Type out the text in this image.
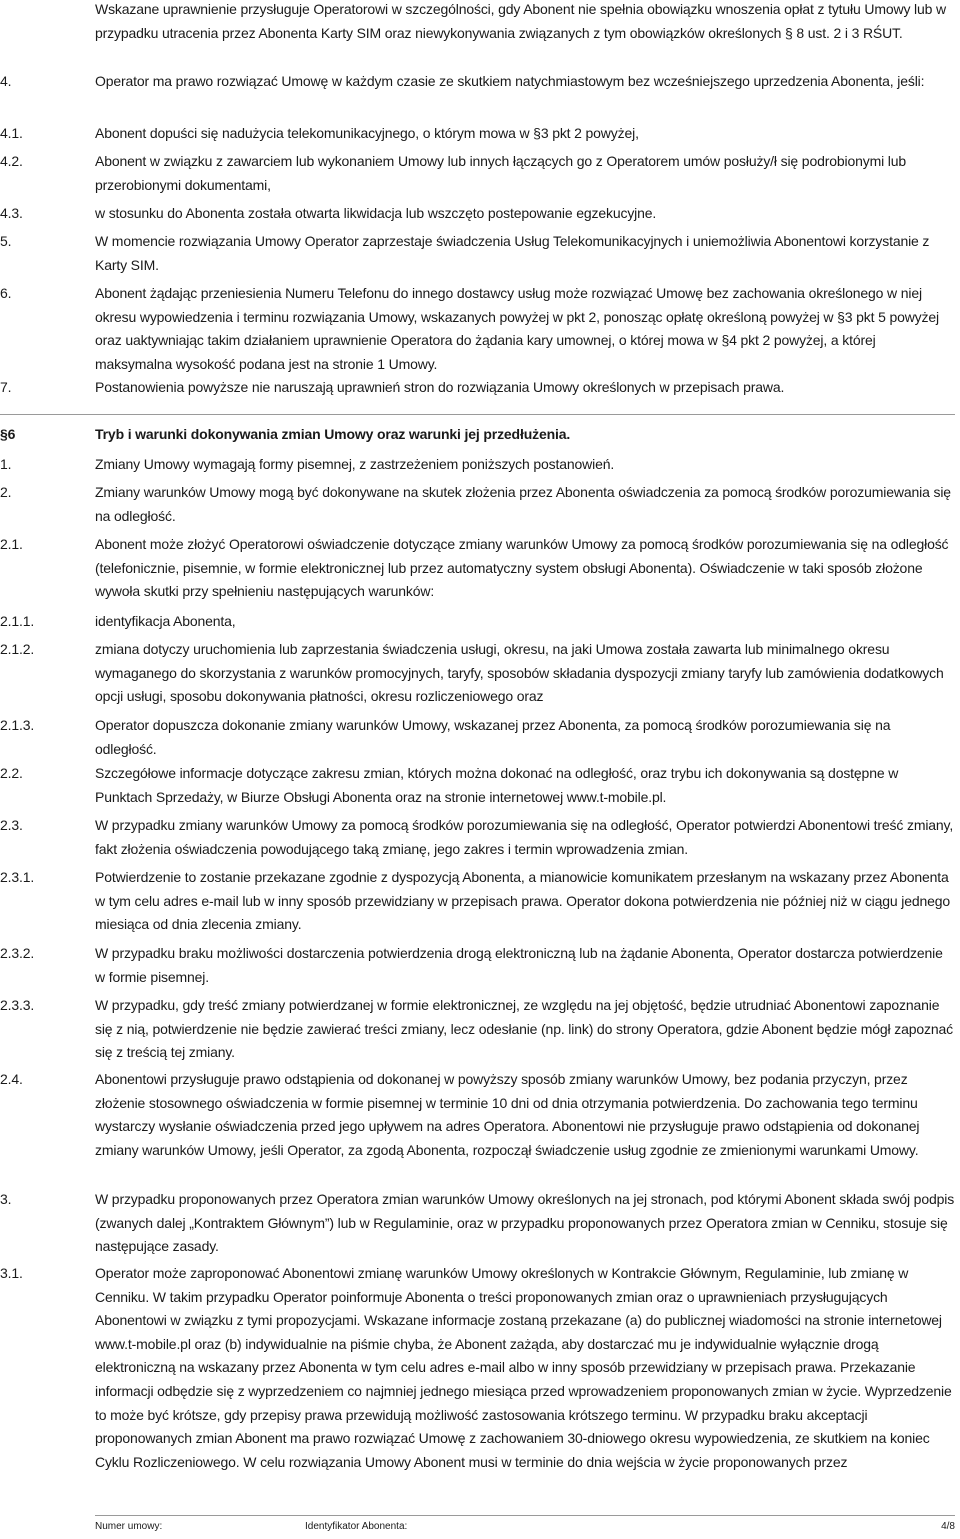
Wskazane uprawnienie przysługuje Operatorowi w szczególności, gdy Abonent nie spełnia obowiązku wnoszenia opłat z tytułu Umowy lub w przypadku utracenia przez Abonenta Karty SIM oraz niewykonywania związanych z tym obowiązków określonych § 8 ust. 2 i 3 RŚUT.
4.	Operator ma prawo rozwiązać Umowę w każdym czasie ze skutkiem natychmiastowym bez wcześniejszego uprzedzenia Abonenta, jeśli:
4.1.	Abonent dopuści się nadużycia telekomunikacyjnego, o którym mowa w §3 pkt 2 powyżej,
4.2.	Abonent w związku z zawarciem lub wykonaniem Umowy lub innych łączących go z Operatorem umów posłuży/ł się podrobionymi lub przerobionymi dokumentami,
4.3.	w stosunku do Abonenta została otwarta likwidacja lub wszczęto postepowanie egzekucyjne.
5.	W momencie rozwiązania Umowy Operator zaprzestaje świadczenia Usług Telekomunikacyjnych i uniemożliwia Abonentowi korzystanie z Karty SIM.
6.	Abonent żądając przeniesienia Numeru Telefonu do innego dostawcy usług może rozwiązać Umowę bez zachowania określonego w niej okresu wypowiedzenia i terminu rozwiązania Umowy, wskazanych powyżej w pkt 2, ponosząc opłatę określoną powyżej w §3 pkt 5 powyżej oraz uaktywniając takim działaniem uprawnienie Operatora do żądania kary umownej, o której mowa w §4 pkt 2 powyżej, a której maksymalna wysokość podana jest na stronie 1 Umowy.
7.	Postanowienia powyższe nie naruszają uprawnień stron do rozwiązania Umowy określonych w przepisach prawa.
§6	Tryb i warunki dokonywania zmian Umowy oraz warunki jej przedłużenia.
1.	Zmiany Umowy wymagają formy pisemnej, z zastrzeżeniem poniższych postanowień.
2.	Zmiany warunków Umowy mogą być dokonywane na skutek złożenia przez Abonenta oświadczenia za pomocą środków porozumiewania się na odległość.
2.1.	Abonent może złożyć Operatorowi oświadczenie dotyczące zmiany warunków Umowy za pomocą środków porozumiewania się na odległość (telefonicznie, pisemnie, w formie elektronicznej lub przez automatyczny system obsługi Abonenta). Oświadczenie w taki sposób złożone wywoła skutki przy spełnieniu następujących warunków:
2.1.1.	identyfikacja Abonenta,
2.1.2.	zmiana dotyczy uruchomienia lub zaprzestania świadczenia usługi, okresu, na jaki Umowa została zawarta lub minimalnego okresu wymaganego do skorzystania z warunków promocyjnych, taryfy, sposobów składania dyspozycji zmiany taryfy lub zamówienia dodatkowych opcji usługi, sposobu dokonywania płatności, okresu rozliczeniowego oraz
2.1.3.	Operator dopuszcza dokonanie zmiany warunków Umowy, wskazanej przez Abonenta, za pomocą środków porozumiewania się na odległość.
2.2.	Szczegółowe informacje dotyczące zakresu zmian, których można dokonać na odległość, oraz trybu ich dokonywania są dostępne w Punktach Sprzedaży, w Biurze Obsługi Abonenta oraz na stronie internetowej www.t-mobile.pl.
2.3.	W przypadku zmiany warunków Umowy za pomocą środków porozumiewania się na odległość, Operator potwierdzi Abonentowi treść zmiany, fakt złożenia oświadczenia powodującego taką zmianę, jego zakres i termin wprowadzenia zmian.
2.3.1.	Potwierdzenie to zostanie przekazane zgodnie z dyspozycją Abonenta, a mianowicie komunikatem przesłanym na wskazany przez Abonenta w tym celu adres e-mail lub w inny sposób przewidziany w przepisach prawa. Operator dokona potwierdzenia nie później niż w ciągu jednego miesiąca od dnia zlecenia zmiany.
2.3.2.	W przypadku braku możliwości dostarczenia potwierdzenia drogą elektroniczną lub na żądanie Abonenta, Operator dostarcza potwierdzenie w formie pisemnej.
2.3.3.	W przypadku, gdy treść zmiany potwierdzanej w formie elektronicznej, ze względu na jej objętość, będzie utrudniać Abonentowi zapoznanie się z nią, potwierdzenie nie będzie zawierać treści zmiany, lecz odesłanie (np. link) do strony Operatora, gdzie Abonent będzie mógł zapoznać się z treścią tej zmiany.
2.4.	Abonentowi przysługuje prawo odstąpienia od dokonanej w powyższy sposób zmiany warunków Umowy, bez podania przyczyn, przez złożenie stosownego oświadczenia w formie pisemnej w terminie 10 dni od dnia otrzymania potwierdzenia. Do zachowania tego terminu wystarczy wysłanie oświadczenia przed jego upływem na adres Operatora. Abonentowi nie przysługuje prawo odstąpienia od dokonanej zmiany warunków Umowy, jeśli Operator, za zgodą Abonenta, rozpoczął świadczenie usług zgodnie ze zmienionymi warunkami Umowy.
3.	W przypadku proponowanych przez Operatora zmian warunków Umowy określonych na jej stronach, pod którymi Abonent składa swój podpis (zwanych dalej „Kontraktem Głównym”) lub w Regulaminie, oraz w przypadku proponowanych przez Operatora zmian w Cenniku, stosuje się następujące zasady.
3.1.	Operator może zaproponować Abonentowi zmianę warunków Umowy określonych w Kontrakcie Głównym, Regulaminie, lub zmianę w Cenniku. W takim przypadku Operator poinformuje Abonenta o treści proponowanych zmian oraz o uprawnieniach przysługujących Abonentowi w związku z tymi propozycjami. Wskazane informacje zostaną przekazane (a) do publicznej wiadomości na stronie internetowej www.t-mobile.pl oraz (b) indywidualnie na piśmie chyba, że Abonent zażąda, aby dostarczać mu je indywidualnie wyłącznie drogą elektroniczną na wskazany przez Abonenta w tym celu adres e-mail albo w inny sposób przewidziany w przepisach prawa. Przekazanie informacji odbędzie się z wyprzedzeniem co najmniej jednego miesiąca przed wprowadzeniem proponowanych zmian w życie. Wyprzedzenie to może być krótsze, gdy przepisy prawa przewidują możliwość zastosowania krótszego terminu. W przypadku braku akceptacji proponowanych zmian Abonent ma prawo rozwiązać Umowę z zachowaniem 30-dniowego okresu wypowiedzenia, ze skutkiem na koniec Cyklu Rozliczeniowego. W celu rozwiązania Umowy Abonent musi w terminie do dnia wejścia w życie proponowanych przez
Numer umowy:	Identyfikator Abonenta:	4/8
